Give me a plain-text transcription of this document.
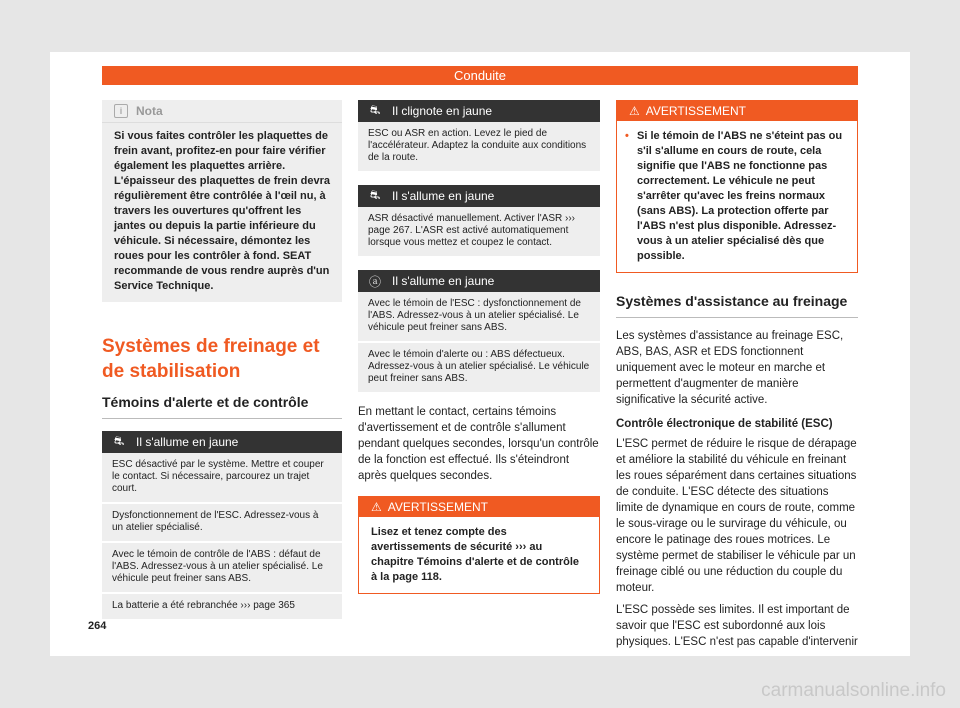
Conduite
i	Nota
Si vous faites contrôler les plaquettes de frein avant, profitez-en pour faire vérifier également les plaquettes arrière. L'épaisseur des plaquettes de frein devra régulièrement être contrôlée à l'œil nu, à travers les ouvertures qu'offrent les jantes ou depuis la partie inférieure du véhicule. Si nécessaire, démontez les roues pour les contrôler à fond. SEAT recommande de vous rendre auprès d'un Service Technique.
Systèmes de freinage et de stabilisation
Témoins d'alerte et de contrôle
⛐ Il s'allume en jaune
ESC désactivé par le système. Mettre et couper le contact. Si nécessaire, parcourez un trajet court.
Dysfonctionnement de l'ESC. Adressez-vous à un atelier spécialisé.
Avec le témoin de contrôle de l'ABS : défaut de l'ABS. Adressez-vous à un atelier spécialisé. Le véhicule peut freiner sans ABS.
La batterie a été rebranchée ››› page 365
⛐ Il clignote en jaune
ESC ou ASR en action. Levez le pied de l'accélérateur. Adaptez la conduite aux conditions de la route.
⛐ Il s'allume en jaune
ASR désactivé manuellement. Activer l'ASR ››› page 267. L'ASR est activé automatiquement lorsque vous mettez et coupez le contact.
ⓐ Il s'allume en jaune
Avec le témoin de l'ESC : dysfonctionnement de l'ABS. Adressez-vous à un atelier spécialisé. Le véhicule peut freiner sans ABS.
Avec le témoin d'alerte ou : ABS défectueux. Adressez-vous à un atelier spécialisé. Le véhicule peut freiner sans ABS.
En mettant le contact, certains témoins d'avertissement et de contrôle s'allument pendant quelques secondes, lorsqu'un contrôle de la fonction est effectué. Ils s'éteindront après quelques secondes.
⚠ AVERTISSEMENT
Lisez et tenez compte des avertissements de sécurité ››› au chapitre Témoins d'alerte et de contrôle à la page 118.
⚠ AVERTISSEMENT
• Si le témoin de l'ABS ne s'éteint pas ou s'il s'allume en cours de route, cela signifie que l'ABS ne fonctionne pas correctement. Le véhicule ne peut s'arrêter qu'avec les freins normaux (sans ABS). La protection offerte par l'ABS n'est plus disponible. Adressez-vous à un atelier spécialisé dès que possible.
Systèmes d'assistance au freinage
Les systèmes d'assistance au freinage ESC, ABS, BAS, ASR et EDS fonctionnent uniquement avec le moteur en marche et permettent d'augmenter de manière significative la sécurité active.
Contrôle électronique de stabilité (ESC)
L'ESC permet de réduire le risque de dérapage et améliore la stabilité du véhicule en freinant les roues séparément dans certaines situations de conduite. L'ESC détecte des situations limite de dynamique en cours de route, comme le sous-virage ou le survirage du véhicule, ou encore le patinage des roues motrices. Le système permet de stabiliser le véhicule par un freinage ciblé ou une réduction du couple du moteur.
L'ESC possède ses limites. Il est important de savoir que l'ESC est subordonné aux lois physiques. L'ESC n'est pas capable d'intervenir
264
carmanualsonline.info
